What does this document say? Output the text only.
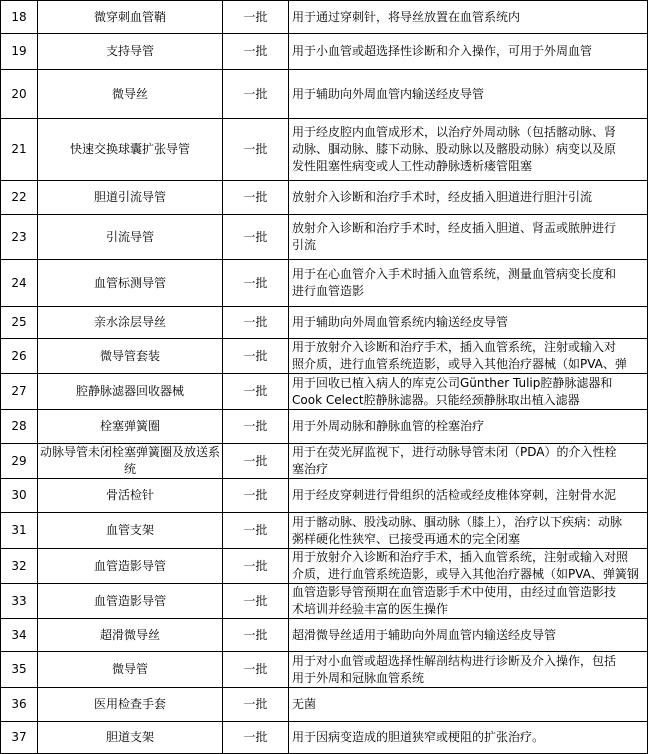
18	微穿刺血管鞘	一批	用于通过穿刺针，将导丝放置在血管系统内

19	支持导管	一批	用于小血管或超选择性诊断和介入操作，可用于外周血管

20	微导丝	一批	用于辅助向外周血管内输送经皮导管

21	快速交换球囊扩张导管	一批	用于经皮腔内血管成形术，以治疗外周动脉（包括髂动脉、肾
动脉、腘动脉、膝下动脉、股动脉以及髂股动脉）病变以及原
发性阻塞性病变或人工性动静脉透析瘘管阻塞

22	胆道引流导管	一批	放射介入诊断和治疗手术时，经皮插入胆道进行胆汁引流

23	引流导管	一批	放射介入诊断和治疗手术时，经皮插入胆道、肾盂或脓肿进行
引流

24	血管标测导管	一批	用于在心血管介入手术时插入血管系统，测量血管病变长度和
进行血管造影

25	亲水涂层导丝	一批	用于辅助向外周血管系统内输送经皮导管

26	微导管套装	一批	用于放射介入诊断和治疗手术，插入血管系统，注射或输入对
照介质，进行血管系统造影，或导入其他治疗器械（如PVA、弹

27	腔静脉滤器回收器械	一批	用于回收已植入病人的库克公司Günther Tulip腔静脉滤器和
Cook Celect腔静脉滤器。只能经颈静脉取出植入滤器

28	栓塞弹簧圈	一批	用于外周动脉和静脉血管的栓塞治疗

29	动脉导管未闭栓塞弹簧圈及放送系统	一批	用于在荧光屏监视下，进行动脉导管未闭（PDA）的介入性栓
塞治疗

30	骨活检针	一批	用于经皮穿刺进行骨组织的活检或经皮椎体穿刺，注射骨水泥

31	血管支架	一批	用于髂动脉、股浅动脉、腘动脉（膝上），治疗以下疾病：动脉
粥样硬化性狭窄、已接受再通术的完全闭塞

32	血管造影导管	一批	用于放射介入诊断和治疗手术，插入血管系统，注射或输入对照
介质，进行血管系统造影，或导入其他治疗器械（如PVA、弹簧钢

33	血管造影导管	一批	血管造影导管预期在血管造影手术中使用，由经过血管造影技
术培训并经验丰富的医生操作

34	超滑微导丝	一批	超滑微导丝适用于辅助向外周血管内输送经皮导管

35	微导管	一批	用于对小血管或超选择性解剖结构进行诊断及介入操作，包括
用于外周和冠脉血管系统

36	医用检查手套	一批	无菌

37	胆道支架	一批	用于因病变造成的胆道狭窄或梗阻的扩张治疗。
